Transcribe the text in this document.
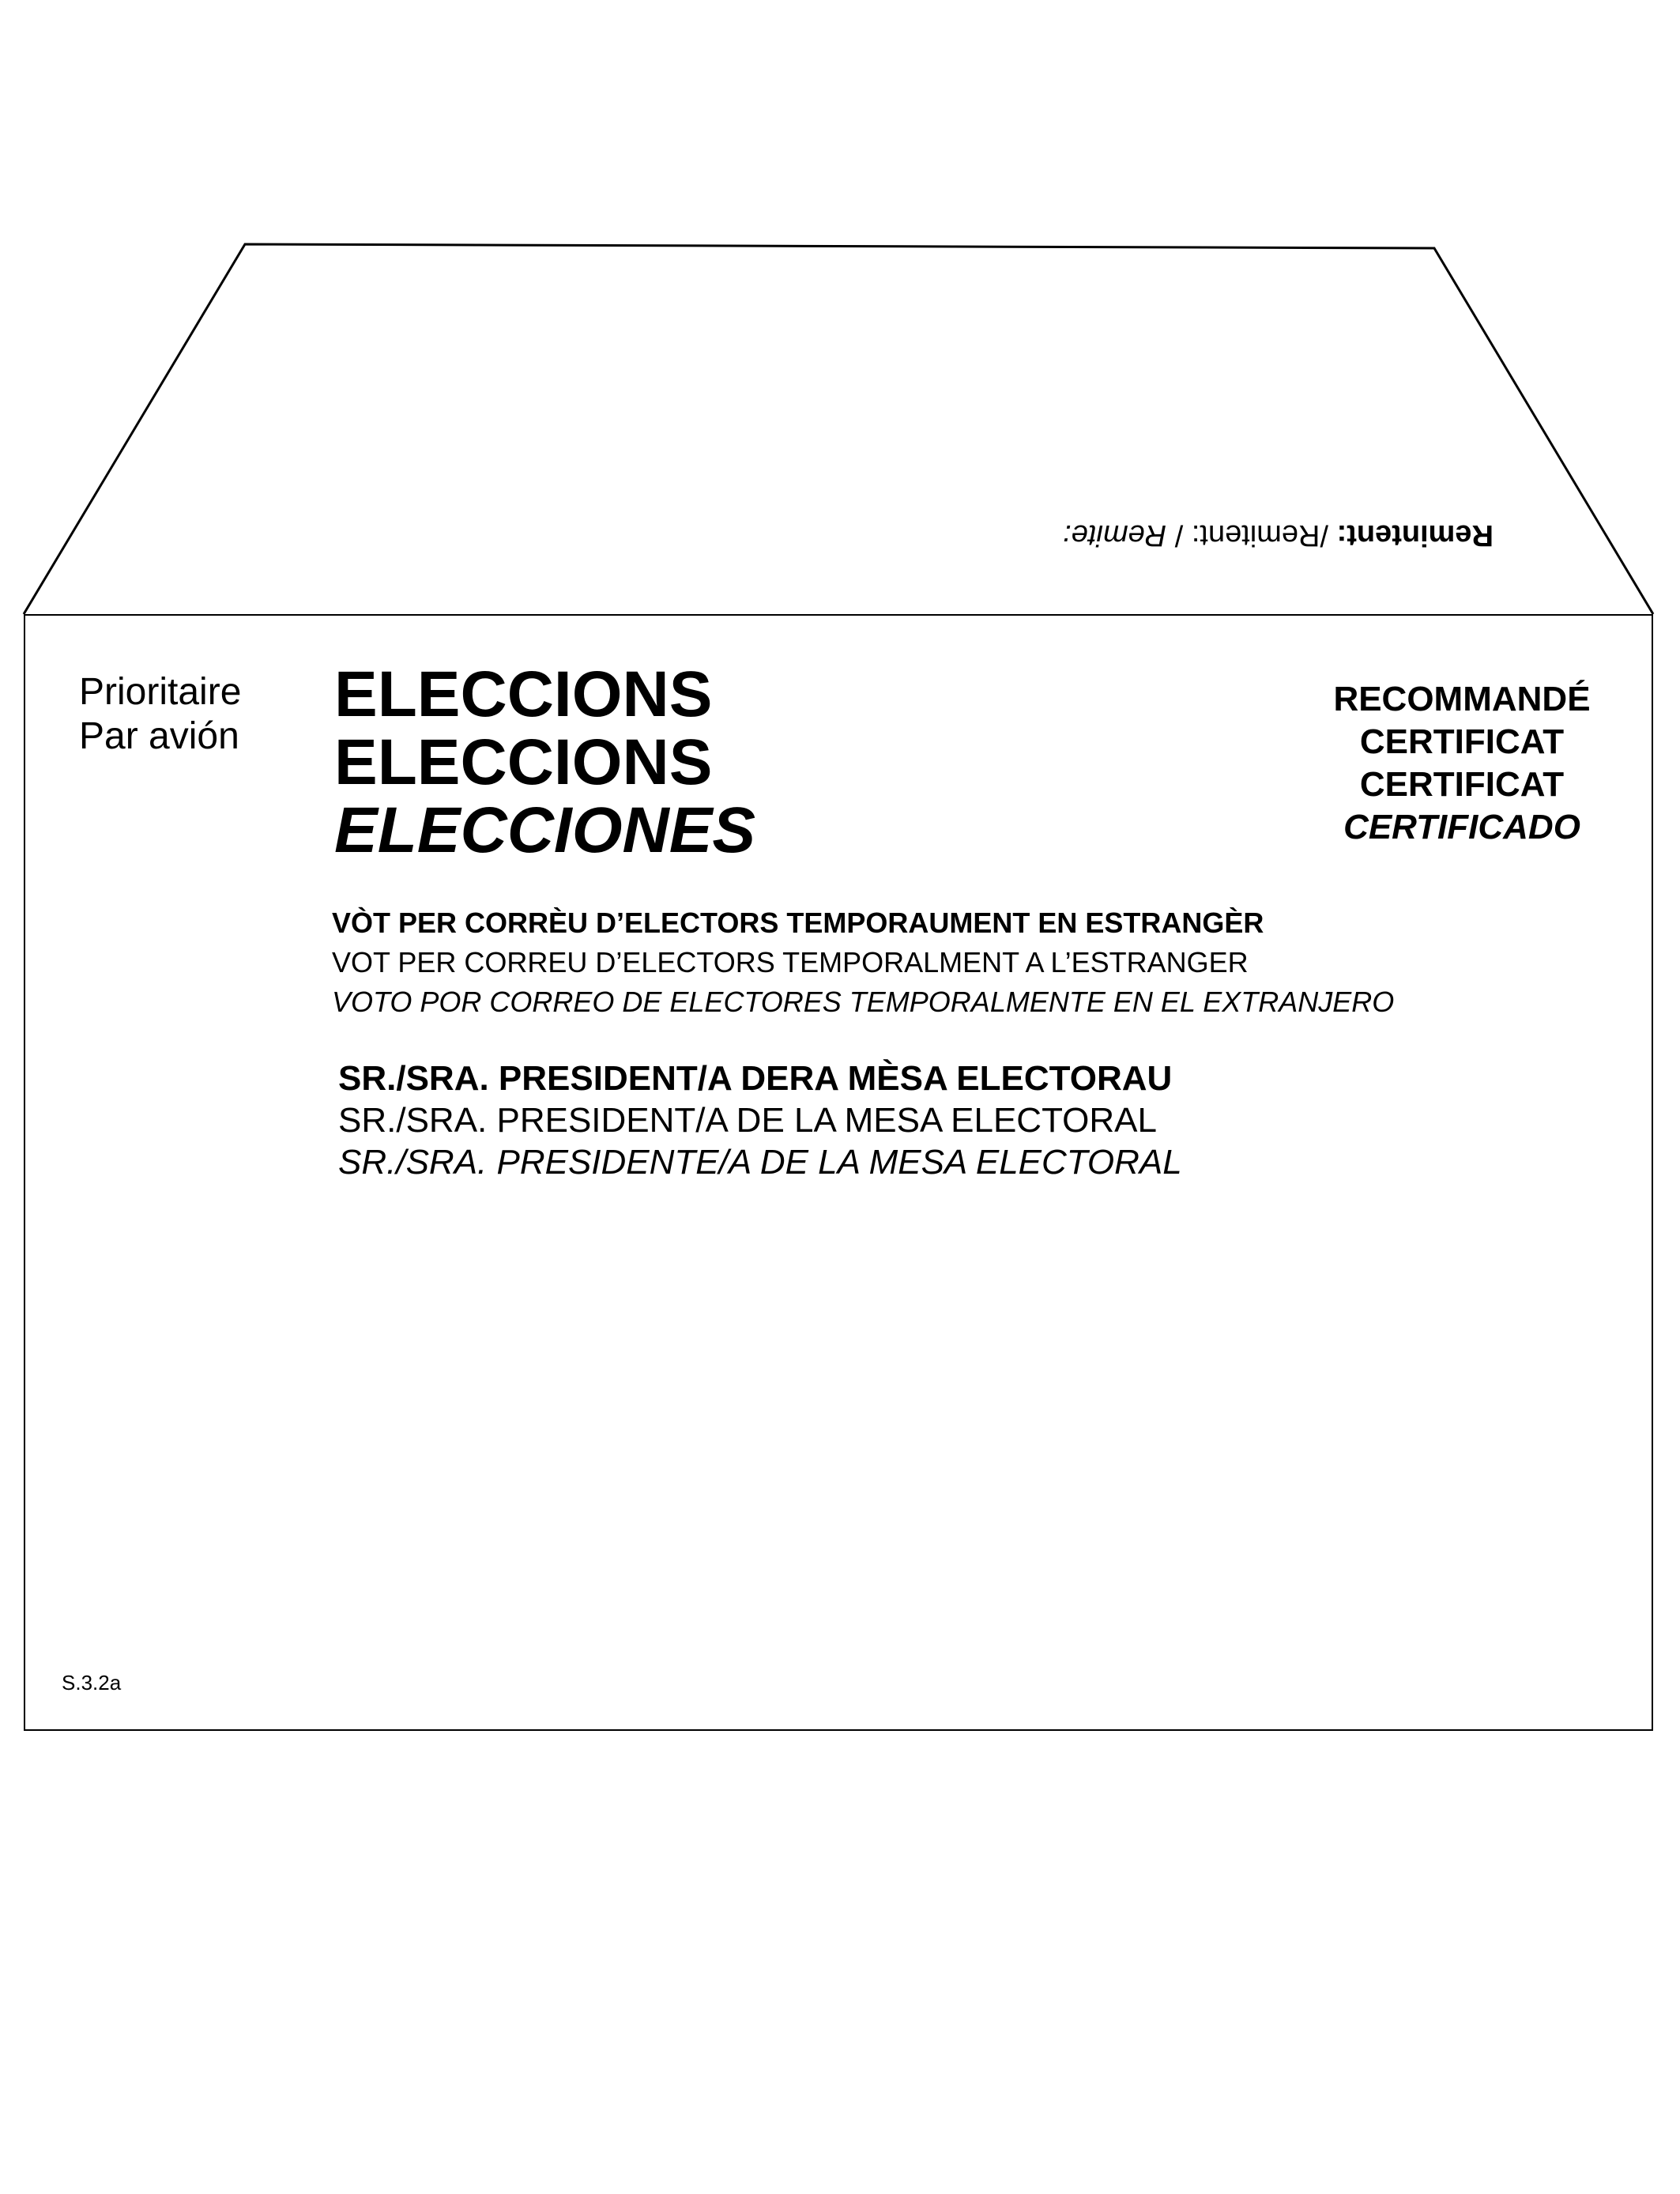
Remintent: /Remitent: / Remite:
Prioritaire
Par avión
ELECCIONS
ELECCIONS
ELECCIONES
RECOMMANDÉ
CERTIFICAT
CERTIFICAT
CERTIFICADO
VÒT PER CORRÈU D’ELECTORS TEMPORAUMENT EN ESTRANGÈR
VOT PER CORREU D’ELECTORS TEMPORALMENT A L’ESTRANGER
VOTO POR CORREO DE ELECTORES TEMPORALMENTE EN EL EXTRANJERO
SR./SRA. PRESIDENT/A DERA MÈSA ELECTORAU
SR./SRA. PRESIDENT/A DE LA MESA ELECTORAL
SR./SRA. PRESIDENTE/A DE LA MESA ELECTORAL
S.3.2a
